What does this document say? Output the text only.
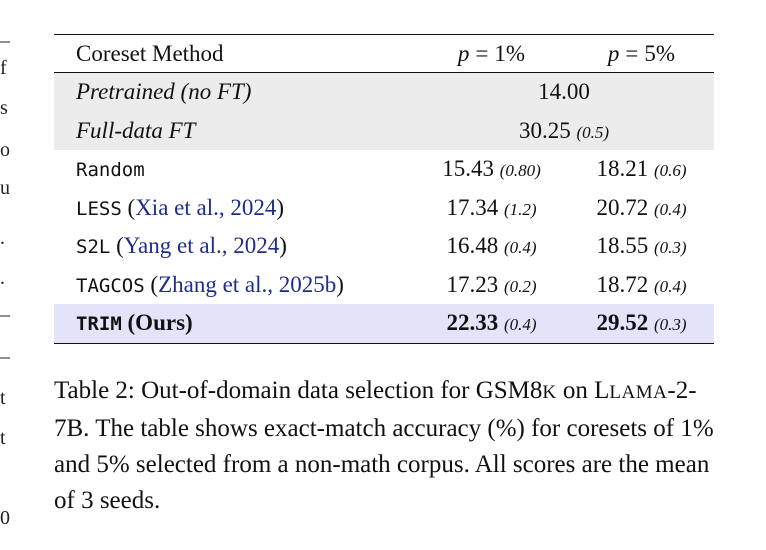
_
f
s
o
u
.
.
_
_
t
t
0
Coreset Method	p = 1%	p = 5%
Pretrained (no FT)	14.00	
Full-data FT	30.25 (0.5)	
Random	15.43 (0.80)	18.21 (0.6)
LESS (Xia et al., 2024)	17.34 (1.2)	20.72 (0.4)
S2L (Yang et al., 2024)	16.48 (0.4)	18.55 (0.3)
TAGCOS (Zhang et al., 2025b)	17.23 (0.2)	18.72 (0.4)
TRIM (Ours)	22.33 (0.4)	29.52 (0.3)

Table 2: Out-of-domain data selection for GSM8K on LLAMA-2-7B. The table shows exact-match accuracy (%) for coresets of 1% and 5% selected from a non-math corpus. All scores are the mean of 3 seeds.
